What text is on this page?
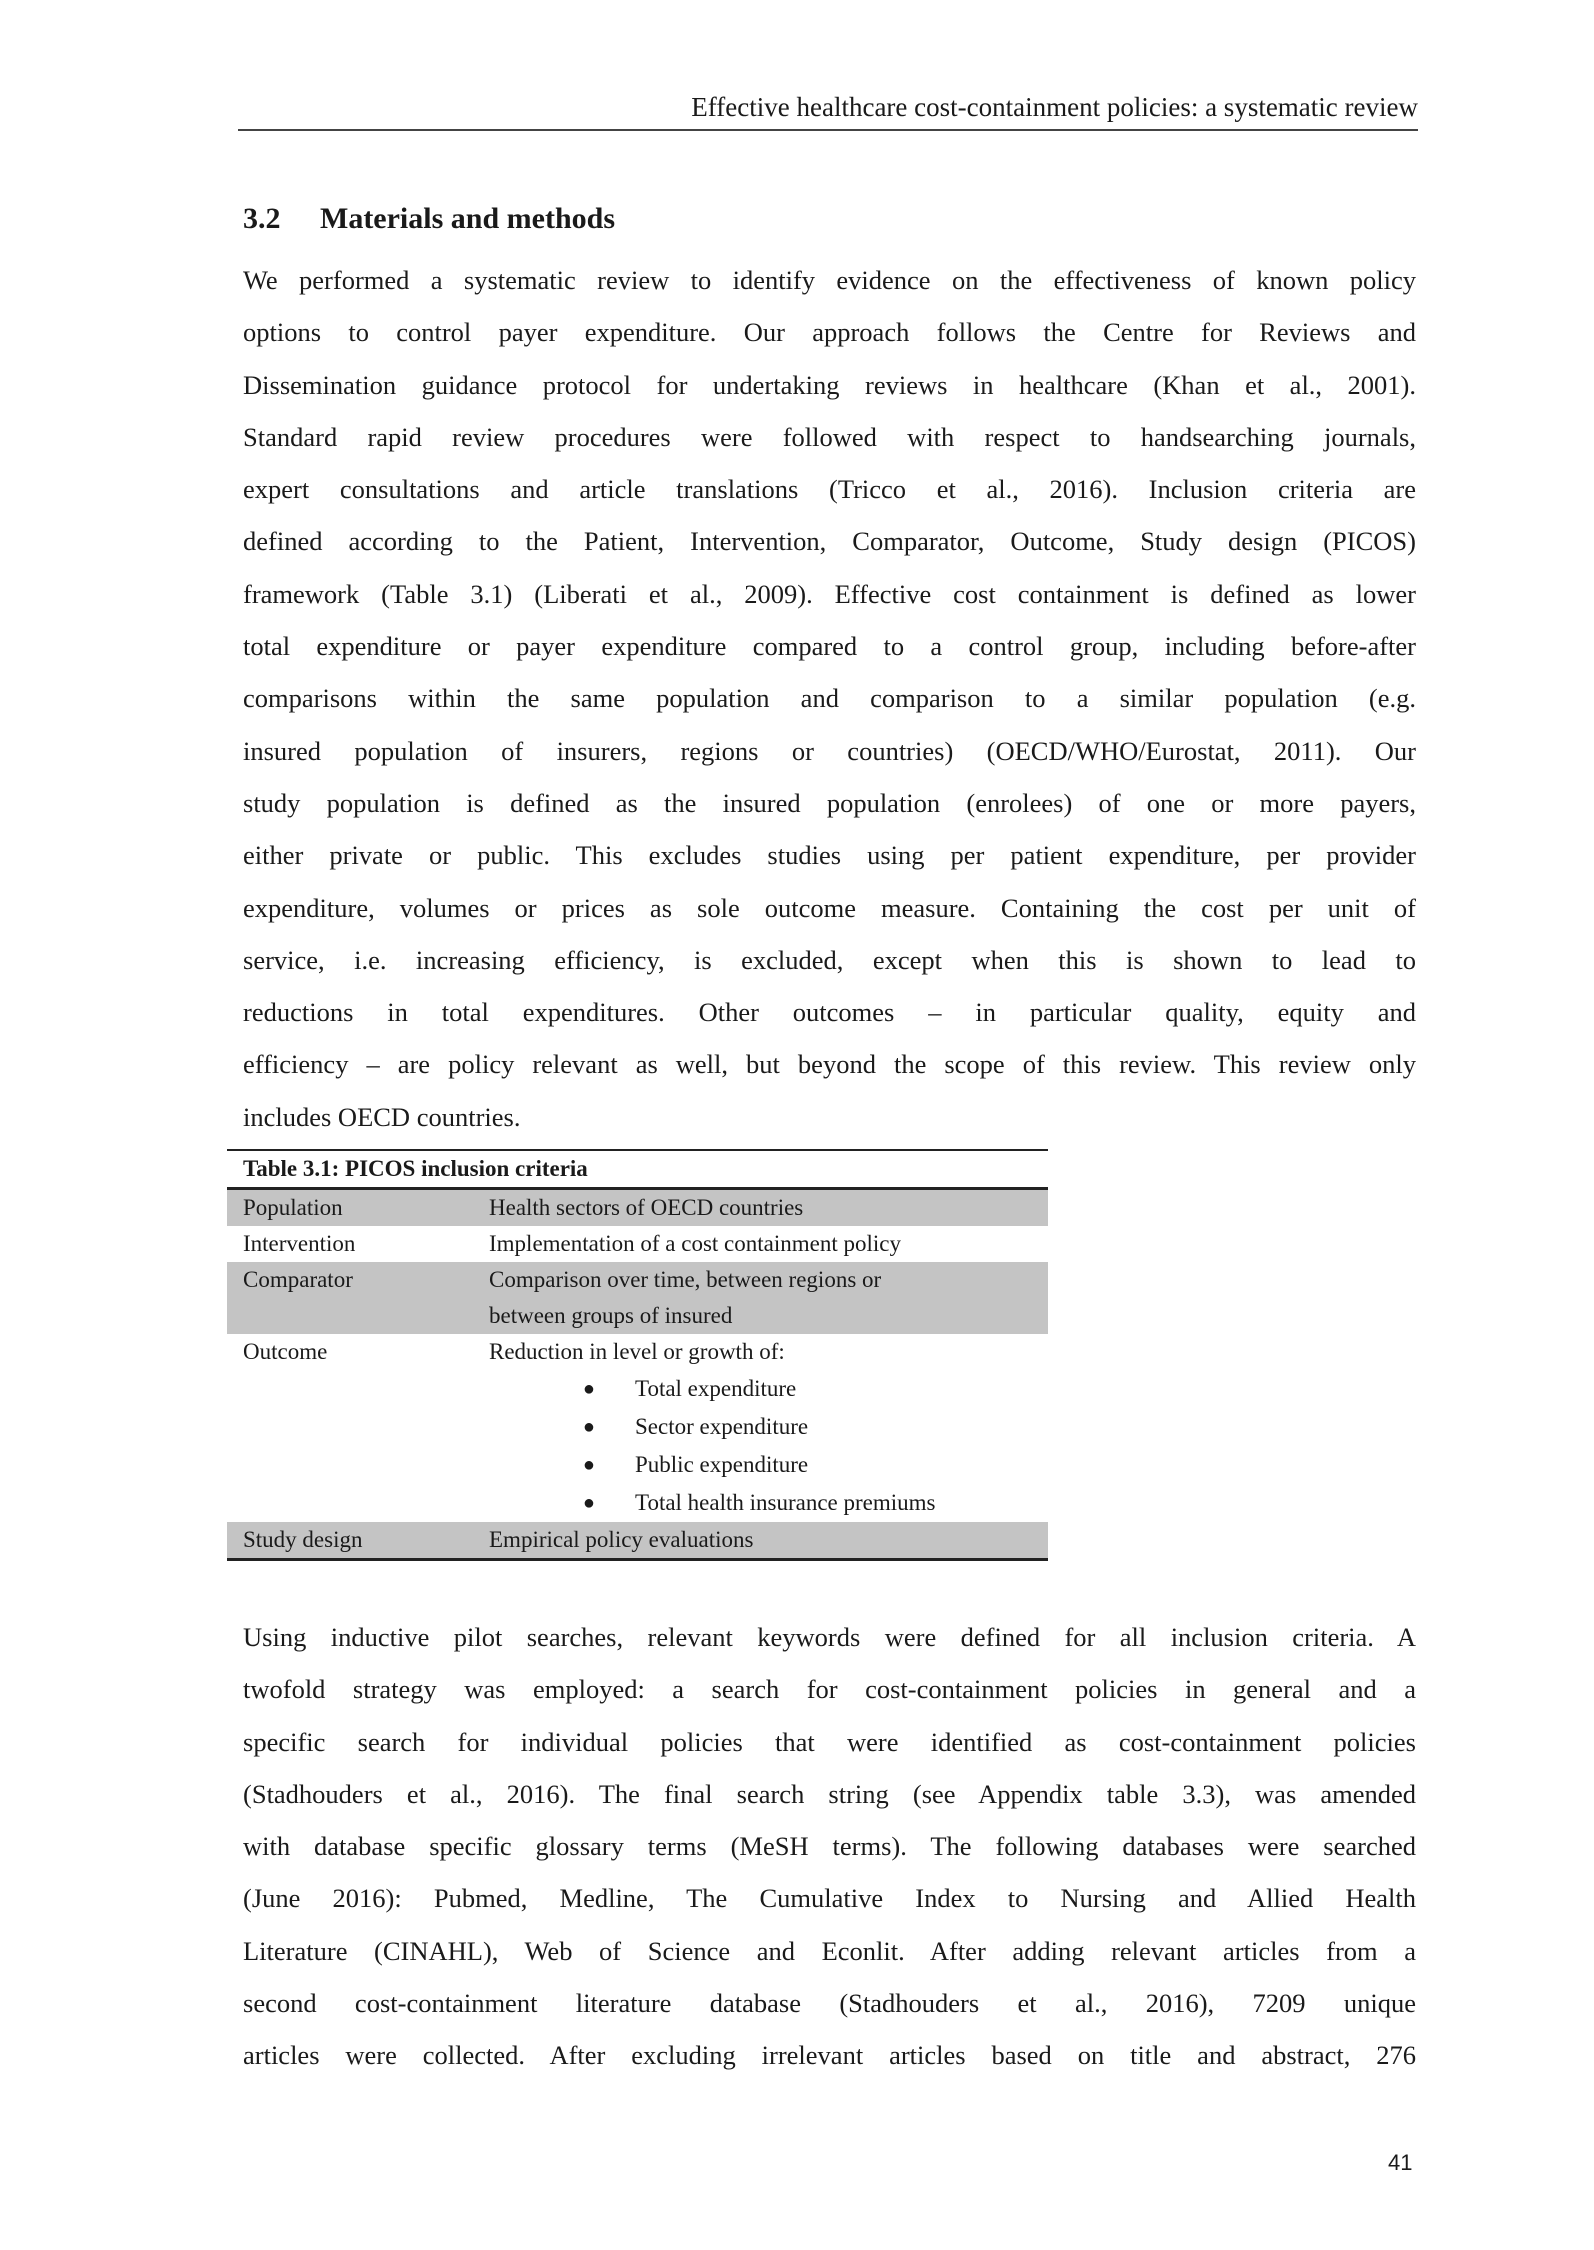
Effective healthcare cost-containment policies: a systematic review
3.2 Materials and methods
We performed a systematic review to identify evidence on the effectiveness of known policy
options to control payer expenditure. Our approach follows the Centre for Reviews and
Dissemination guidance protocol for undertaking reviews in healthcare (Khan et al., 2001).
Standard rapid review procedures were followed with respect to handsearching journals,
expert consultations and article translations (Tricco et al., 2016). Inclusion criteria are
defined according to the Patient, Intervention, Comparator, Outcome, Study design (PICOS)
framework (Table 3.1) (Liberati et al., 2009). Effective cost containment is defined as lower
total expenditure or payer expenditure compared to a control group, including before-after
comparisons within the same population and comparison to a similar population (e.g.
insured population of insurers, regions or countries) (OECD/WHO/Eurostat, 2011). Our
study population is defined as the insured population (enrolees) of one or more payers,
either private or public. This excludes studies using per patient expenditure, per provider
expenditure, volumes or prices as sole outcome measure. Containing the cost per unit of
service, i.e. increasing efficiency, is excluded, except when this is shown to lead to
reductions in total expenditures. Other outcomes – in particular quality, equity and
efficiency – are policy relevant as well, but beyond the scope of this review. This review only
includes OECD countries.
Table 3.1: PICOS inclusion criteria
Population	Health sectors of OECD countries
Intervention	Implementation of a cost containment policy
Comparator	Comparison over time, between regions or
between groups of insured
Outcome	Reduction in level or growth of:
●	Total expenditure
●	Sector expenditure
●	Public expenditure
●	Total health insurance premiums
Study design	Empirical policy evaluations
Using inductive pilot searches, relevant keywords were defined for all inclusion criteria. A
twofold strategy was employed: a search for cost-containment policies in general and a
specific search for individual policies that were identified as cost-containment policies
(Stadhouders et al., 2016). The final search string (see Appendix table 3.3), was amended
with database specific glossary terms (MeSH terms). The following databases were searched
(June 2016): Pubmed, Medline, The Cumulative Index to Nursing and Allied Health
Literature (CINAHL), Web of Science and Econlit. After adding relevant articles from a
second cost-containment literature database (Stadhouders et al., 2016), 7209 unique
articles were collected. After excluding irrelevant articles based on title and abstract, 276
41
